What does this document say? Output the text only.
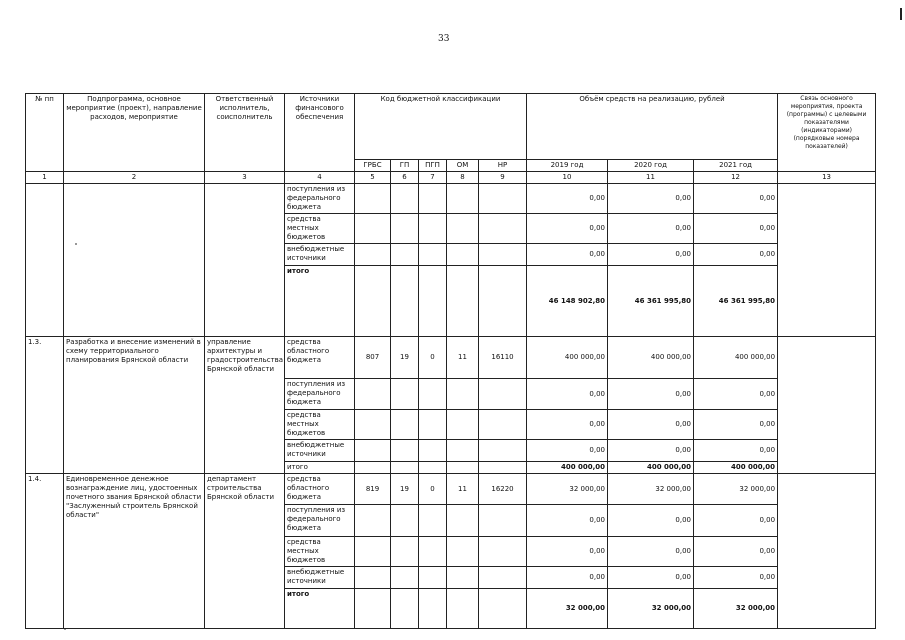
33
№ пп	Подпрограмма, основное мероприятие (проект), направление расходов, мероприятие	Ответственный исполнитель, соисполнитель	Источники финансового обеспечения	Код бюджетной классификации					Объём средств на реализацию, рублей			Связь основного мероприятия, проекта (программы) с целевыми показателями (индикаторами) (порядковые номера показателей)
				ГРБС	ГП	ПГП	ОМ	НР	2019 год	2020 год	2021 год	
1	2	3	4	5	6	7	8	9	10	11	12	13
			поступления из федерального бюджета						0,00	0,00	0,00	
			средства местных бюджетов						0,00	0,00	0,00	
			внебюджетные источники						0,00	0,00	0,00	
			итого						46 148 902,80	46 361 995,80	46 361 995,80	
1.3.	Разработка и внесение изменений в схему территориального планирования Брянской области	управление архитектуры и градостроительства Брянской области	средства областного бюджета	807	19	0	11	16110	400 000,00	400 000,00	400 000,00	
			поступления из федерального бюджета						0,00	0,00	0,00	
			средства местных бюджетов						0,00	0,00	0,00	
			внебюджетные источники						0,00	0,00	0,00	
			итого						400 000,00	400 000,00	400 000,00	
1.4.	Единовременное денежное вознаграждение лиц, удостоенных почетного звания Брянской области "Заслуженный строитель Брянской области"	департамент строительства Брянской области	средства областного бюджета	819	19	0	11	16220	32 000,00	32 000,00	32 000,00	
			поступления из федерального бюджета						0,00	0,00	0,00	
			средства местных бюджетов						0,00	0,00	0,00	
			внебюджетные источники						0,00	0,00	0,00	
			итого						32 000,00	32 000,00	32 000,00	
